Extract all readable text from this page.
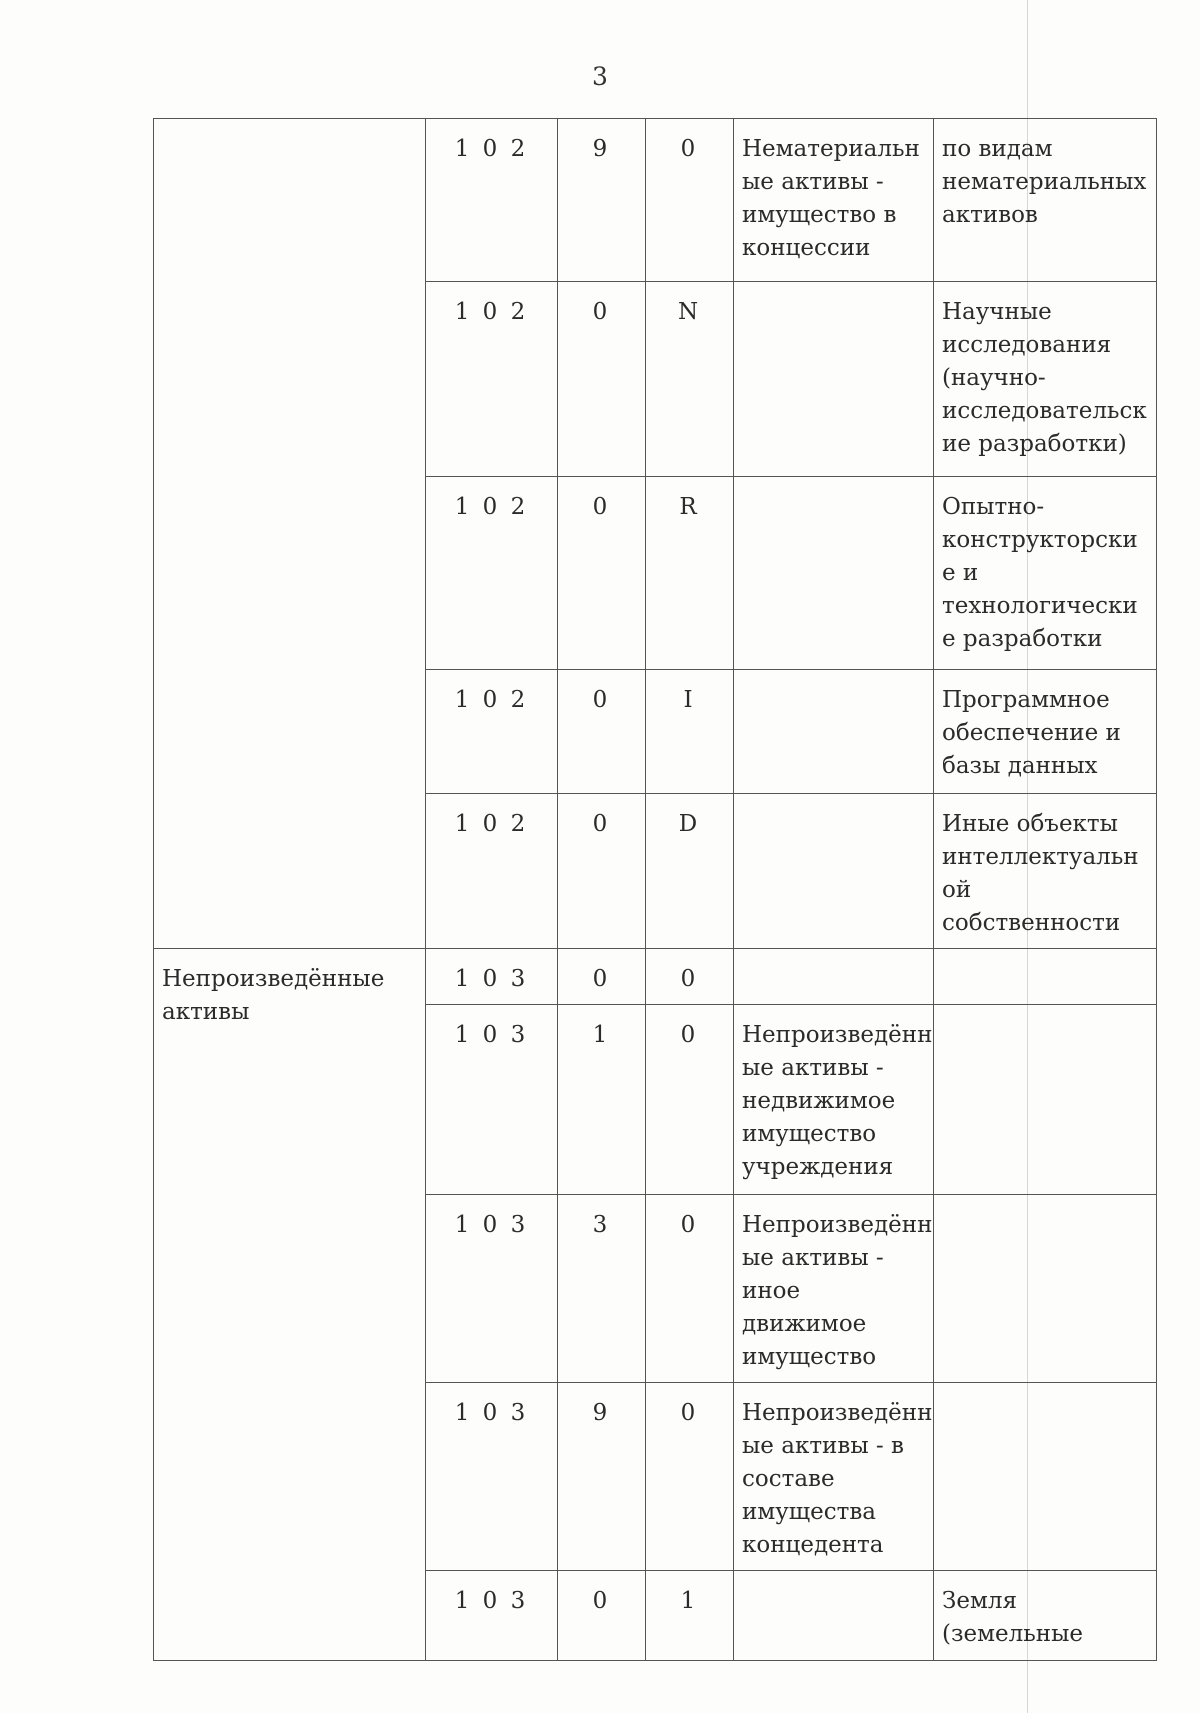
3
	1 0 2	9	0	Нематериальн ые активы - имущество в концессии	по видам нематериальных активов
	1 0 2	0	N		Научные исследования (научно-исследовательск ие разработки)
	1 0 2	0	R		Опытно-конструкторски е и технологически е разработки
	1 0 2	0	I		Программное обеспечение и базы данных
	1 0 2	0	D		Иные объекты интеллектуальн ой собственности
Непроизведённые активы	1 0 3	0	0		
	1 0 3	1	0	Непроизведённ ые активы - недвижимое имущество учреждения	
	1 0 3	3	0	Непроизведённ ые активы - иное движимое имущество	
	1 0 3	9	0	Непроизведённ ые активы - в составе имущества концедента	
	1 0 3	0	1		Земля (земельные
